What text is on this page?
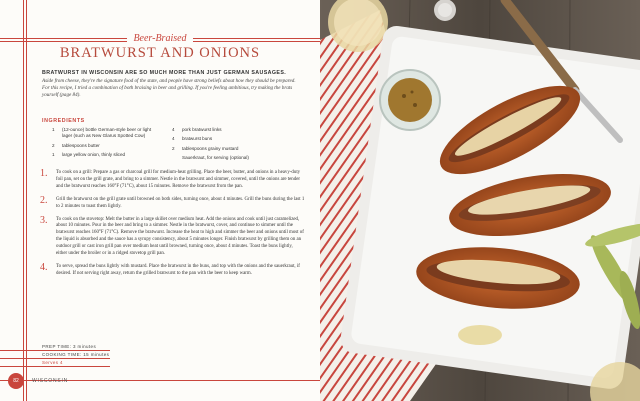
Beer-Braised
BRATWURST AND ONIONS

BRATWURST IN WISCONSIN ARE SO MUCH MORE THAN JUST GERMAN SAUSAGES.

Aside from cheese, they're the signature food of the state, and people have strong beliefs about how they should be prepared. For this recipe, I tried a combination of both braising in beer and grilling. If you're feeling ambitious, try making the brats yourself (page 84).

INGREDIENTS
1	(12-ounce) bottle German-style beer or light lager (such as New Glarus Spotted Cow)
2	tablespoons butter
1	large yellow onion, thinly sliced
4	pork bratwurst links
4	bratwurst buns
2	tablespoons grainy mustard
Sauerkraut, for serving (optional)
1.	To cook on a grill: Prepare a gas or charcoal grill for medium-heat grilling. Place the beer, butter, and onions in a heavy-duty foil pan, set on the grill grate, and bring to a simmer. Nestle in the bratwurst and simmer, covered, until the onions are tender and the bratwurst reaches 160°F (71°C), about 15 minutes. Remove the bratwurst from the pan.
2.	Grill the bratwurst on the grill grate until browned on both sides, turning once, about 4 minutes. Grill the buns during the last 1 to 2 minutes to toast them lightly.
3.	To cook on the stovetop: Melt the butter in a large skillet over medium heat. Add the onions and cook until just caramelized, about 10 minutes. Pour in the beer and bring to a simmer. Nestle in the bratwurst, cover, and continue to simmer until the bratwurst reaches 160°F (71°C). Remove the bratwurst. Increase the heat to high and simmer the beer and onions until most of the liquid is absorbed and the sauce has a syrupy consistency, about 5 minutes longer. Finish bratwurst by grilling them on an outdoor grill or cast iron grill pan over medium heat until browned, turning once, about 4 minutes. Toast the buns lightly, either under the broiler or in a ridged stovetop grill pan.
4.	To serve, spread the buns lightly with mustard. Place the bratwurst in the buns, and top with the onions and the sauerkraut, if desired. If not serving right away, return the grilled bratwurst to the pan with the beer to keep warm.
PREP TIME: 3 minutes
COOKING TIME: 15 minutes
Serves 4
82	WISCONSIN
